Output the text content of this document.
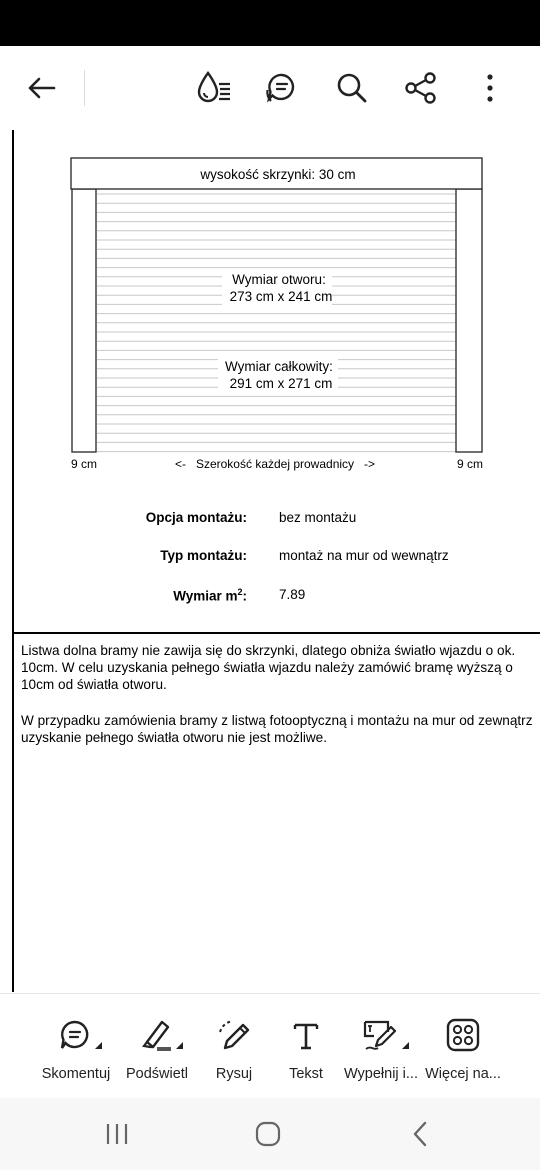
wysokość skrzynki: 30 cm
Wymiar otworu:
273 cm x 241 cm
Wymiar całkowity:
291 cm x 271 cm
9 cm	9 cm
<-   Szerokość każdej prowadnicy   ->
Opcja montażu: bez montażu
Typ montażu: montaż na mur od wewnątrz
Wymiar $m^2$: 7.89
Listwa dolna bramy nie zawija się do skrzynki, dlatego obniża światło wjazdu o ok. 10cm. W celu uzyskania pełnego światła wjazdu należy zamówić bramę wyższą o 10cm od światła otworu.
W przypadku zamówienia bramy z listwą fotooptyczną i montażu na mur od zewnątrz uzyskanie pełnego światła otworu nie jest możliwe.
Skomentuj	Podświetl	Rysuj	Tekst	Wypełnij i... Więcej na...
